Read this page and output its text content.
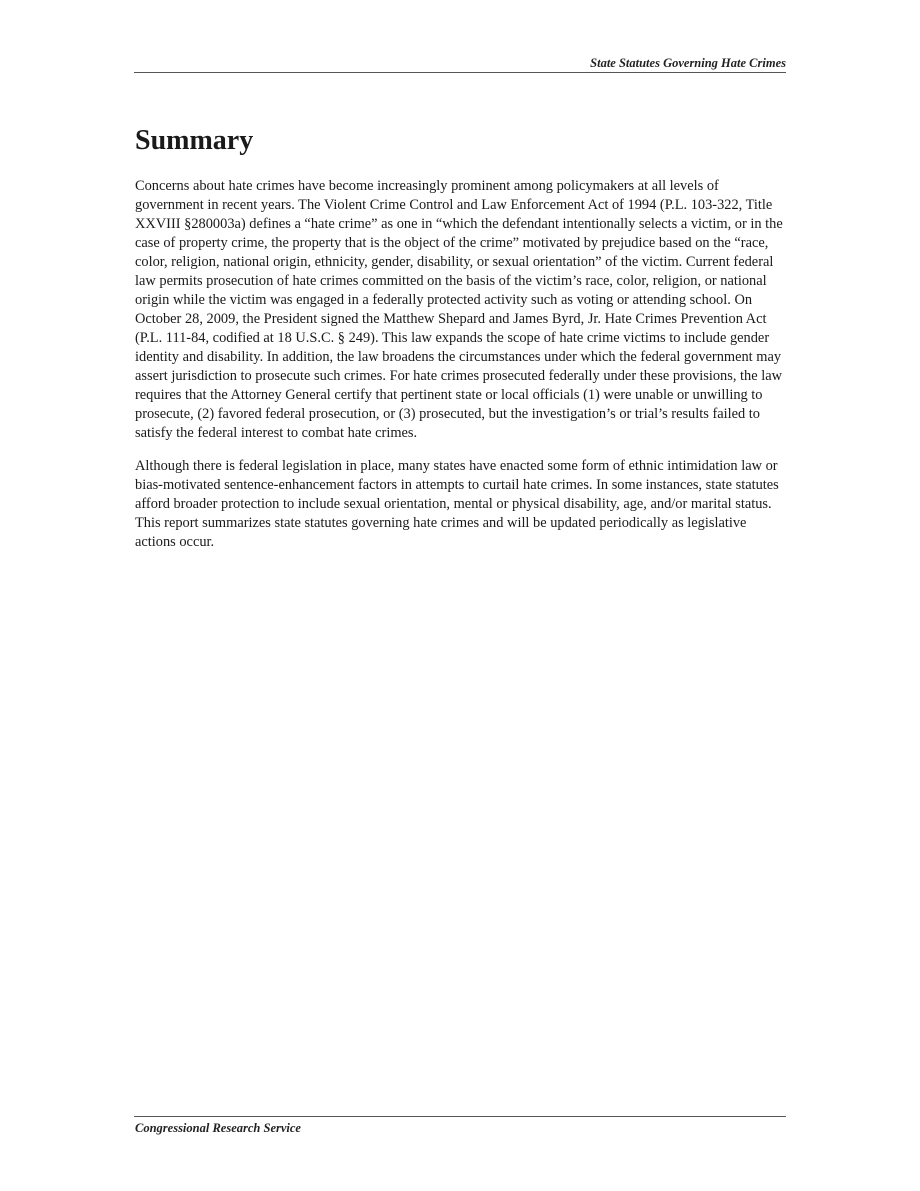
State Statutes Governing Hate Crimes
Summary

Concerns about hate crimes have become increasingly prominent among policymakers at all levels of government in recent years. The Violent Crime Control and Law Enforcement Act of 1994 (P.L. 103-322, Title XXVIII §280003a) defines a “hate crime” as one in “which the defendant intentionally selects a victim, or in the case of property crime, the property that is the object of the crime” motivated by prejudice based on the “race, color, religion, national origin, ethnicity, gender, disability, or sexual orientation” of the victim. Current federal law permits prosecution of hate crimes committed on the basis of the victim’s race, color, religion, or national origin while the victim was engaged in a federally protected activity such as voting or attending school. On October 28, 2009, the President signed the Matthew Shepard and James Byrd, Jr. Hate Crimes Prevention Act (P.L. 111-84, codified at 18 U.S.C. § 249). This law expands the scope of hate crime victims to include gender identity and disability. In addition, the law broadens the circumstances under which the federal government may assert jurisdiction to prosecute such crimes. For hate crimes prosecuted federally under these provisions, the law requires that the Attorney General certify that pertinent state or local officials (1) were unable or unwilling to prosecute, (2) favored federal prosecution, or (3) prosecuted, but the investigation’s or trial’s results failed to satisfy the federal interest to combat hate crimes.

Although there is federal legislation in place, many states have enacted some form of ethnic intimidation law or bias-motivated sentence-enhancement factors in attempts to curtail hate crimes. In some instances, state statutes afford broader protection to include sexual orientation, mental or physical disability, age, and/or marital status. This report summarizes state statutes governing hate crimes and will be updated periodically as legislative actions occur.

Congressional Research Service
